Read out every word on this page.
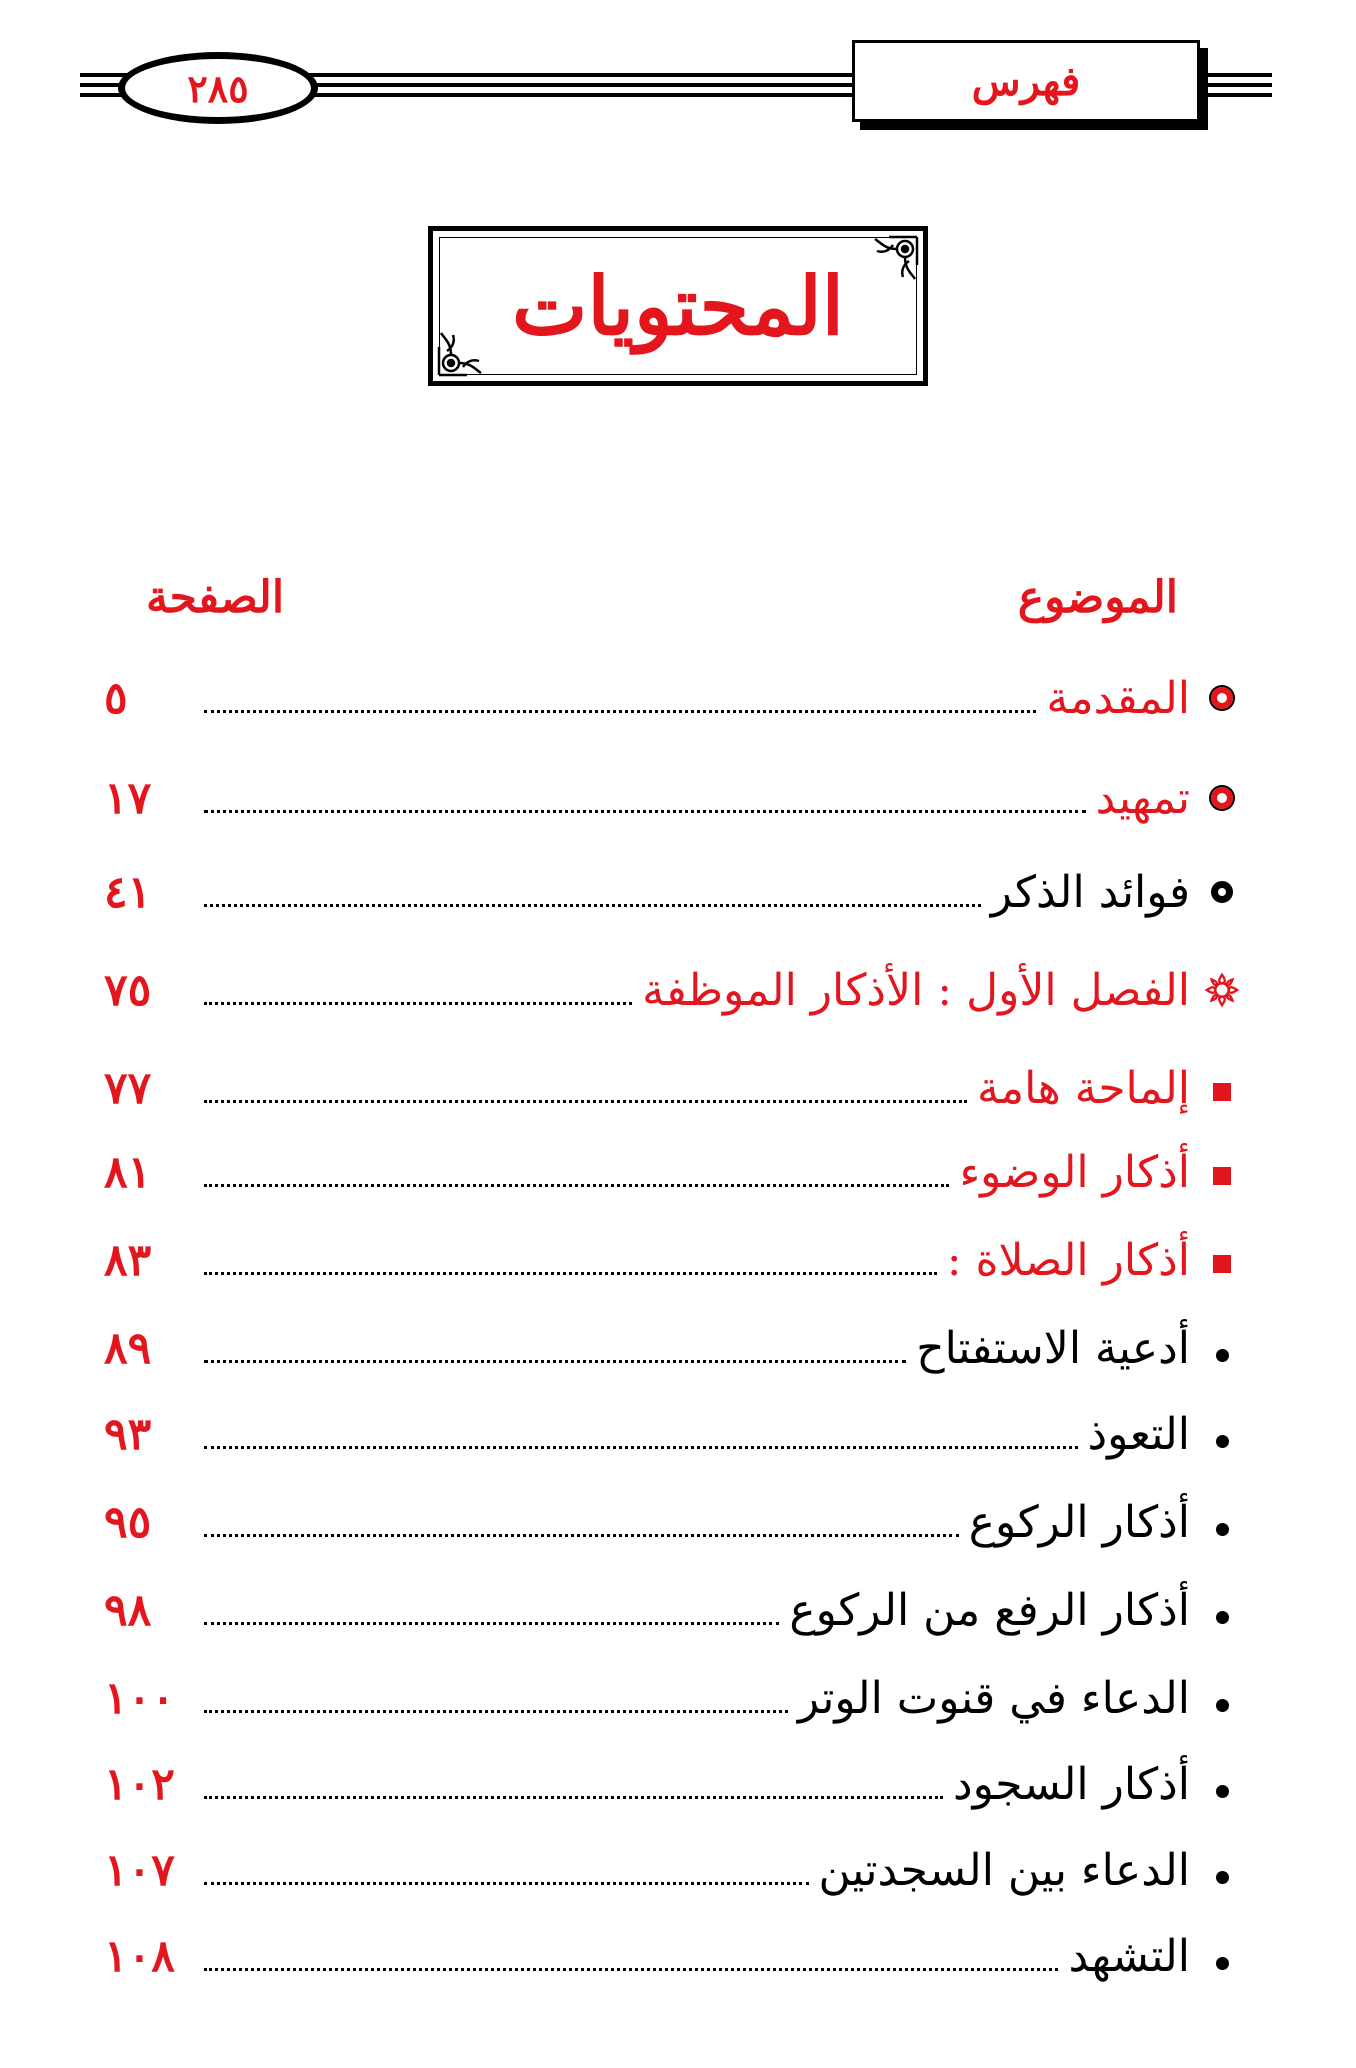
٢٨٥	فهرس
المحتويات
الموضوع
الصفحة
المقدمة
٥
تمهيد
١٧
فوائد الذكر
٤١
الفصل الأول : الأذكار الموظفة
٧٥
إلماحة هامة
٧٧
أذكار الوضوء
٨١
أذكار الصلاة :
٨٣
أدعية الاستفتاح
٨٩
التعوذ
٩٣
أذكار الركوع
٩٥
أذكار الرفع من الركوع
٩٨
الدعاء في قنوت الوتر
١٠٠
أذكار السجود
١٠٢
الدعاء بين السجدتين
١٠٧
التشهد
١٠٨
